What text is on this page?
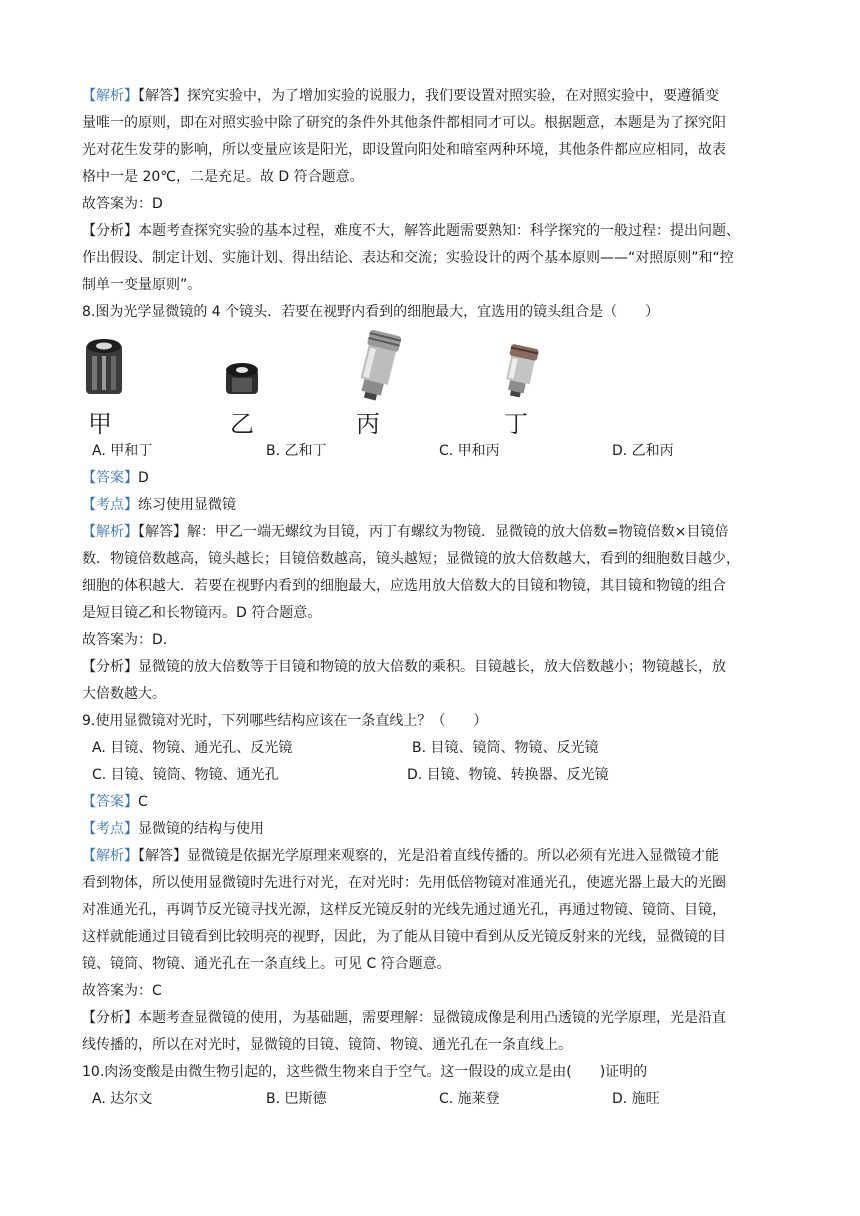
【解析】【解答】探究实验中，为了增加实验的说服力，我们要设置对照实验，在对照实验中，要遵循变
量唯一的原则，即在对照实验中除了研究的条件外其他条件都相同才可以。根据题意，本题是为了探究阳
光对花生发芽的影响，所以变量应该是阳光，即设置向阳处和暗室两种环境，其他条件都应应相同，故表
格中一是 20℃，二是充足。故 D 符合题意。
故答案为：D
【分析】本题考查探究实验的基本过程，难度不大，解答此题需要熟知：科学探究的一般过程：提出问题、
作出假设、制定计划、实施计划、得出结论、表达和交流；实验设计的两个基本原则——“对照原则”和“控
制单一变量原则”。
8.图为光学显微镜的 4 个镜头．若要在视野内看到的细胞最大，宜选用的镜头组合是（　　）
甲	乙	丙	丁
A. 甲和丁	B. 乙和丁	C. 甲和丙	D. 乙和丙
【答案】D
【考点】练习使用显微镜
【解析】【解答】解：甲乙一端无螺纹为目镜，丙丁有螺纹为物镜．显微镜的放大倍数=物镜倍数×目镜倍
数．物镜倍数越高，镜头越长；目镜倍数越高，镜头越短；显微镜的放大倍数越大，看到的细胞数目越少，
细胞的体积越大．若要在视野内看到的细胞最大，应选用放大倍数大的目镜和物镜，其目镜和物镜的组合
是短目镜乙和长物镜丙。D 符合题意。
故答案为：D.
【分析】显微镜的放大倍数等于目镜和物镜的放大倍数的乘积。目镜越长，放大倍数越小；物镜越长，放
大倍数越大。
9.使用显微镜对光时，下列哪些结构应该在一条直线上？（　　）
A. 目镜、物镜、通光孔、反光镜	B. 目镜、镜筒、物镜、反光镜
C. 目镜、镜筒、物镜、通光孔	D. 目镜、物镜、转换器、反光镜
【答案】C
【考点】显微镜的结构与使用
【解析】【解答】显微镜是依据光学原理来观察的，光是沿着直线传播的。所以必须有光进入显微镜才能
看到物体，所以使用显微镜时先进行对光，在对光时：先用低倍物镜对准通光孔，使遮光器上最大的光圈
对准通光孔，再调节反光镜寻找光源，这样反光镜反射的光线先通过通光孔，再通过物镜、镜筒、目镜，
这样就能通过目镜看到比较明亮的视野，因此，为了能从目镜中看到从反光镜反射来的光线，显微镜的目
镜、镜筒、物镜、通光孔在一条直线上。可见 C 符合题意。
故答案为：C
【分析】本题考查显微镜的使用，为基础题，需要理解：显微镜成像是利用凸透镜的光学原理，光是沿直
线传播的，所以在对光时，显微镜的目镜、镜筒、物镜、通光孔在一条直线上。
10.肉汤变酸是由微生物引起的，这些微生物来自于空气。这一假设的成立是由(　　)证明的
A. 达尔文	B. 巴斯德	C. 施莱登	D. 施旺
